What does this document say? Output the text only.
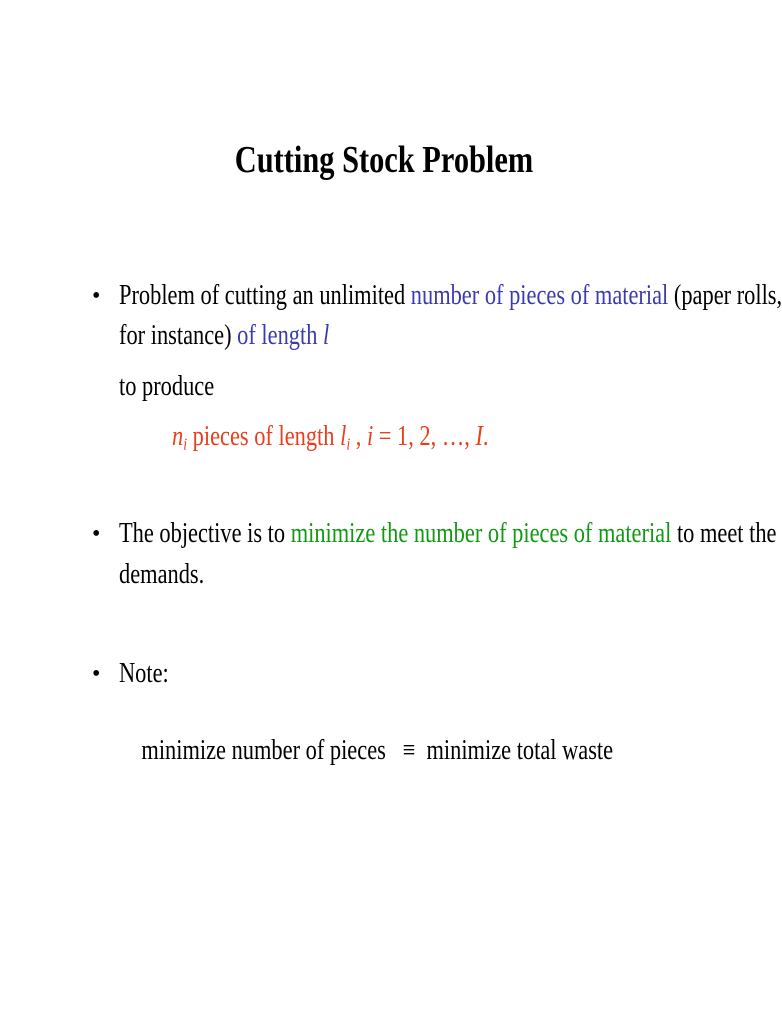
Cutting Stock Problem
• Problem of cutting an unlimited number of pieces of material (paper rolls,
for instance) of length l
to produce
$n_i$ pieces of length $l_i$ , i = 1, 2, …, I.
• The objective is to minimize the number of pieces of material to meet the
demands.
• Note:

minimize number of pieces   ≡  minimize total waste
